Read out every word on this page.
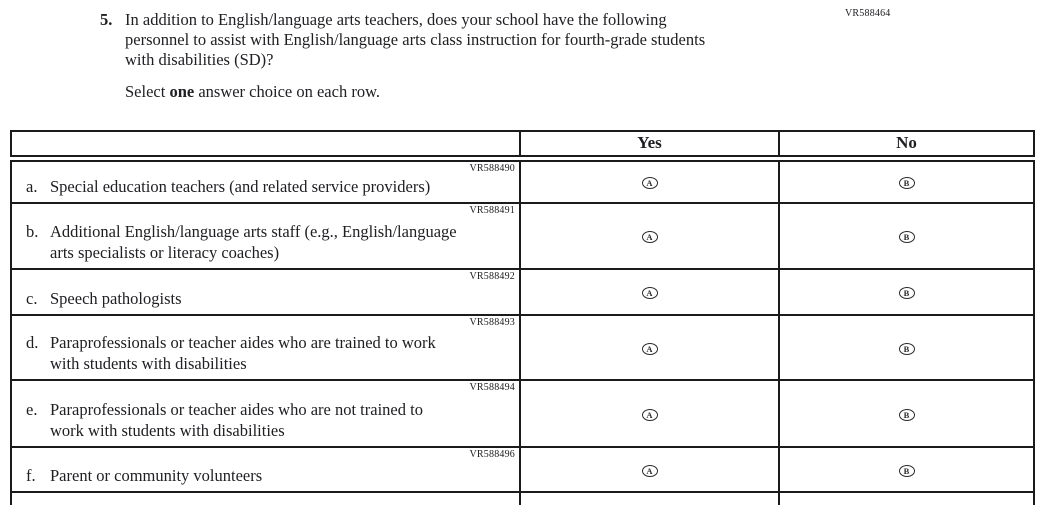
VR588464
5. In addition to English/language arts teachers, does your school have the following
personnel to assist with English/language arts class instruction for fourth-grade students
with disabilities (SD)?
Select one answer choice on each row.
	Yes	No

VR588490
a. Special education teachers (and related service providers)	A	B

VR588491
b. Additional English/language arts staff (e.g., English/language
arts specialists or literacy coaches)	A	B

VR588492
c. Speech pathologists	A	B

VR588493
d. Paraprofessionals or teacher aides who are trained to work
with students with disabilities	A	B

VR588494
e. Paraprofessionals or teacher aides who are not trained to
work with students with disabilities	A	B

VR588496
f. Parent or community volunteers	A	B
